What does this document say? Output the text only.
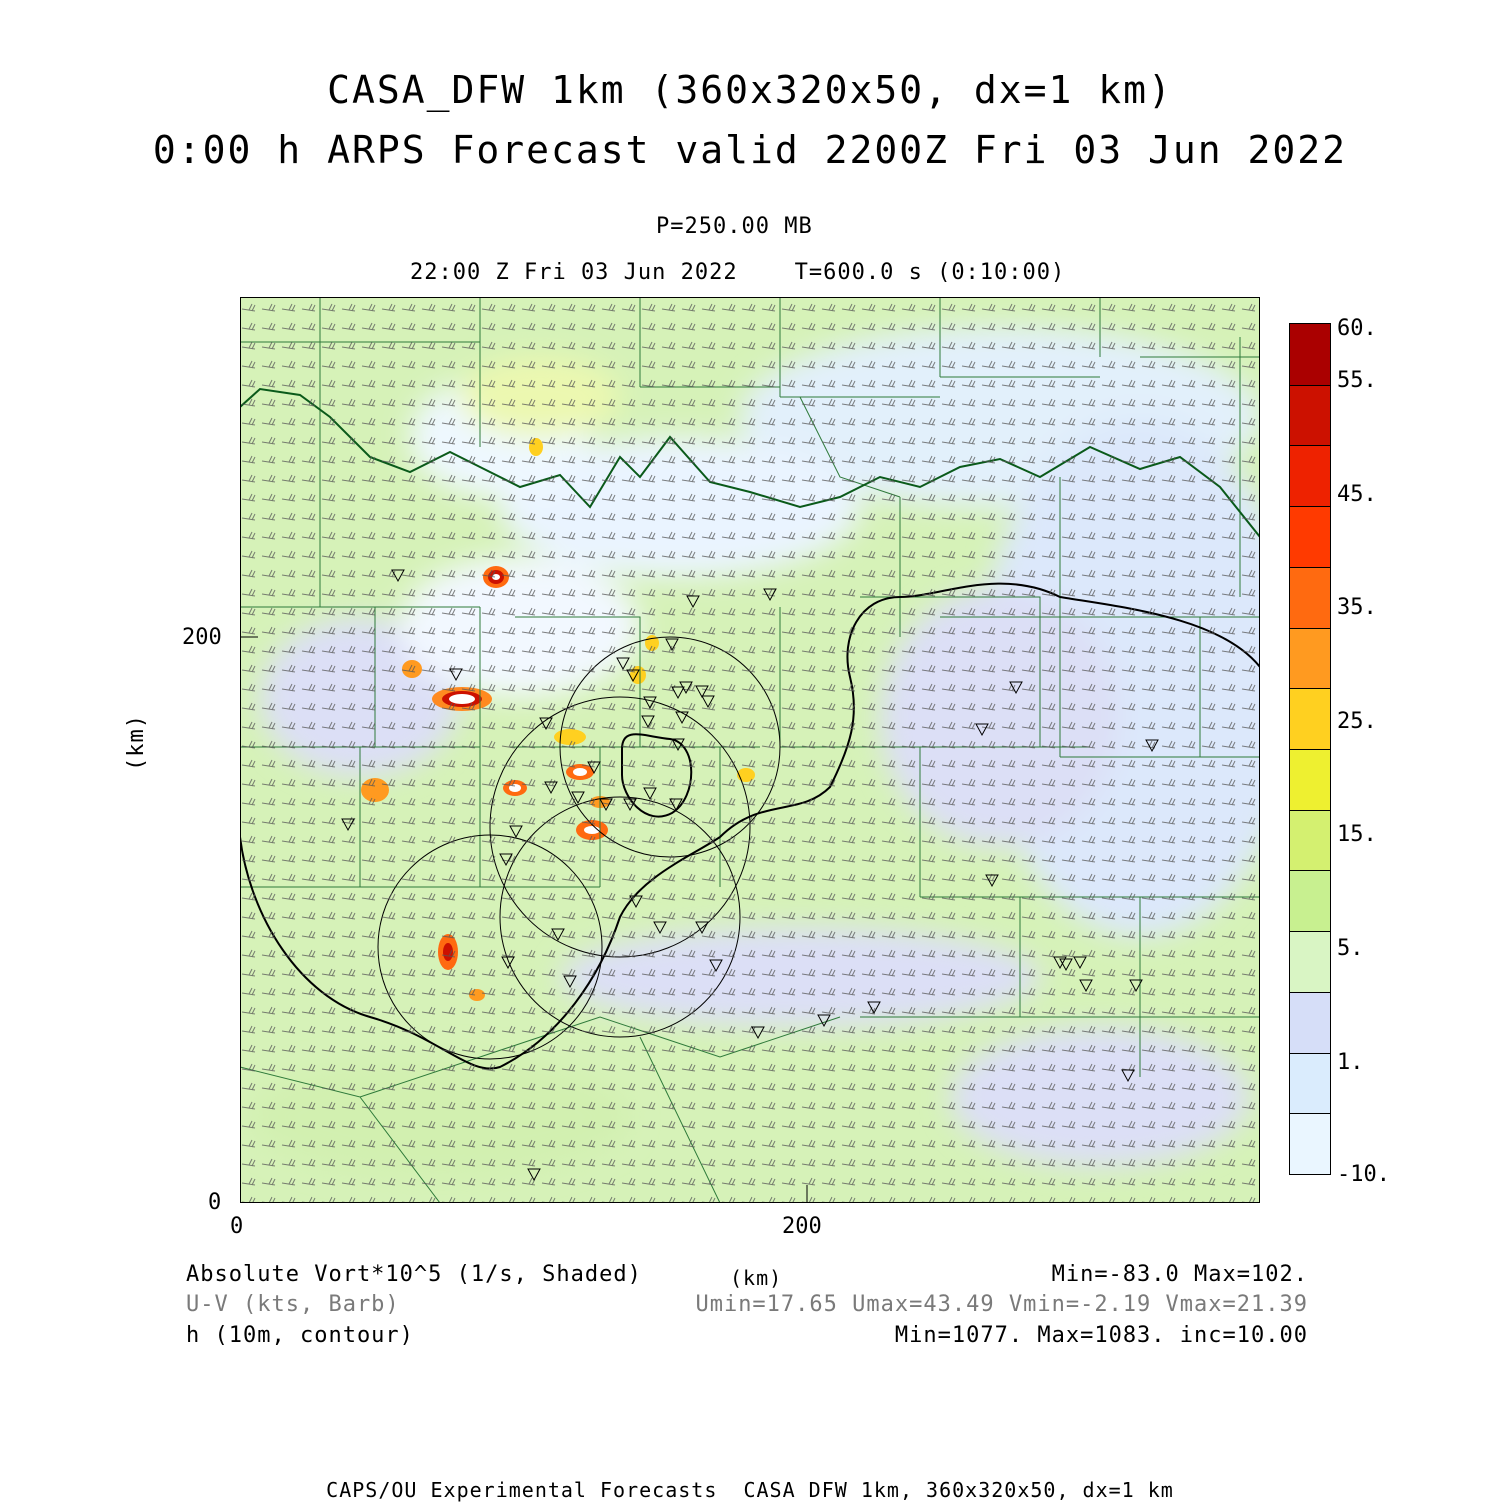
CASA_DFW 1km (360x320x50, dx=1 km)
0:00 h ARPS Forecast valid 2200Z Fri 03 Jun 2022
P=250.00 MB
22:00 Z Fri 03 Jun 2022    T=600.0 s (0:10:00)
(km)
200
0
0	200
60.
55.
45.
35.
25.
15.
5.
1.
-10.
Absolute Vort*10^5 (1/s, Shaded)	(km)	Min=-83.0 Max=102.
U-V (kts, Barb)	Umin=17.65 Umax=43.49 Vmin=-2.19 Vmax=21.39
h (10m, contour)	Min=1077. Max=1083. inc=10.00
CAPS/OU Experimental Forecasts  CASA DFW 1km, 360x320x50, dx=1 km
